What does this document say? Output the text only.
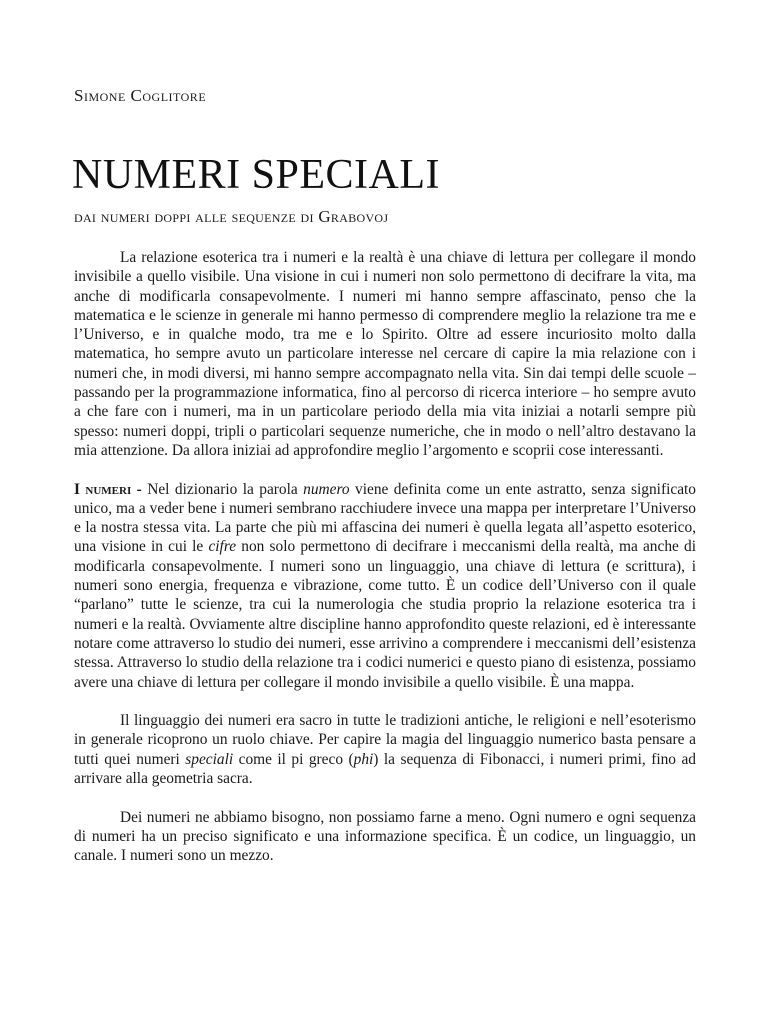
Simone Coglitore
NUMERI SPECIALI
dai numeri doppi alle sequenze di Grabovoj

La relazione esoterica tra i numeri e la realtà è una chiave di lettura per collegare il mondo invisibile a quello visibile. Una visione in cui i numeri non solo permettono di decifrare la vita, ma anche di modificarla consapevolmente. I numeri mi hanno sempre affascinato, penso che la matematica e le scienze in generale mi hanno permesso di comprendere meglio la relazione tra me e l’Universo, e in qualche modo, tra me e lo Spirito. Oltre ad essere incuriosito molto dalla matematica, ho sempre avuto un particolare interesse nel cercare di capire la mia relazione con i numeri che, in modi diversi, mi hanno sempre accompagnato nella vita. Sin dai tempi delle scuole – passando per la programmazione informatica, fino al percorso di ricerca interiore – ho sempre avuto a che fare con i numeri, ma in un particolare periodo della mia vita iniziai a notarli sempre più spesso: numeri doppi, tripli o particolari sequenze numeriche, che in modo o nell’altro destavano la mia attenzione. Da allora iniziai ad approfondire meglio l’argomento e scoprii cose interessanti.

I numeri - Nel dizionario la parola numero viene definita come un ente astratto, senza significato unico, ma a veder bene i numeri sembrano racchiudere invece una mappa per interpretare l’Universo e la nostra stessa vita. La parte che più mi affascina dei numeri è quella legata all’aspetto esoterico, una visione in cui le cifre non solo permettono di decifrare i meccanismi della realtà, ma anche di modificarla consapevolmente. I numeri sono un linguaggio, una chiave di lettura (e scrittura), i numeri sono energia, frequenza e vibrazione, come tutto. È un codice dell’Universo con il quale “parlano” tutte le scienze, tra cui la numerologia che studia proprio la relazione esoterica tra i numeri e la realtà. Ovviamente altre discipline hanno approfondito queste relazioni, ed è interessante notare come attraverso lo studio dei numeri, esse arrivino a comprendere i meccanismi dell’esistenza stessa. Attraverso lo studio della relazione tra i codici numerici e questo piano di esistenza, possiamo avere una chiave di lettura per collegare il mondo invisibile a quello visibile. È una mappa.

Il linguaggio dei numeri era sacro in tutte le tradizioni antiche, le religioni e nell’esoterismo in generale ricoprono un ruolo chiave. Per capire la magia del linguaggio numerico basta pensare a tutti quei numeri speciali come il pi greco (phi) la sequenza di Fibonacci, i numeri primi, fino ad arrivare alla geometria sacra.

Dei numeri ne abbiamo bisogno, non possiamo farne a meno. Ogni numero e ogni sequenza di numeri ha un preciso significato e una informazione specifica. È un codice, un linguaggio, un canale. I numeri sono un mezzo.
